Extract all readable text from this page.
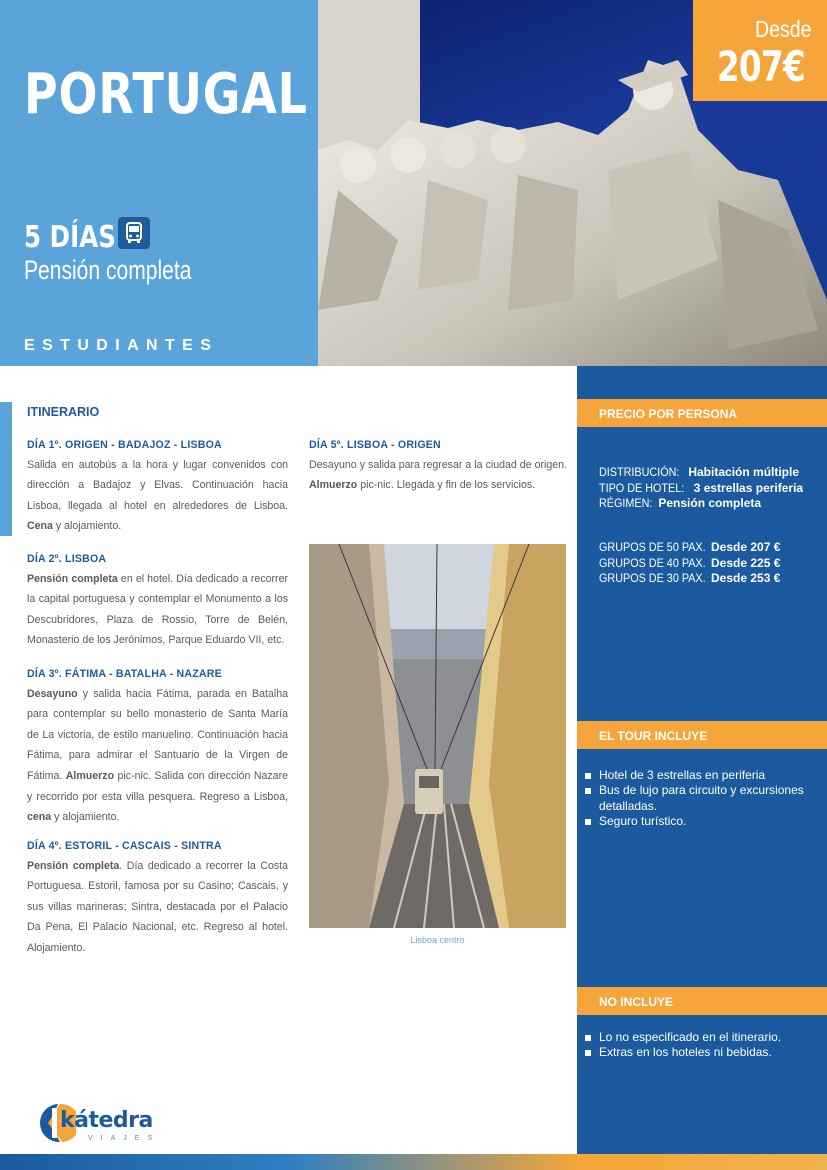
PORTUGAL
5 DÍAS
Pensión completa
ESTUDIANTES
Desde
207€
ITINERARIO
DÍA 1º. ORIGEN - BADAJOZ - LISBOA
Salida en autobús a la hora y lugar convenidos con dirección a Badajoz y Elvas. Continuación hacia Lisboa, llegada al hotel en alrededores de Lisboa. Cena y alojamiento.
DÍA 2º. LISBOA
Pensión completa en el hotel. Día dedicado a recorrer la capital portuguesa y contemplar el Monumento a los Descubridores, Plaza de Rossio, Torre de Belén, Monasterio de los Jerónimos, Parque Eduardo VII, etc.
DÍA 3º. FÁTIMA - BATALHA - NAZARE
Desayuno y salida hacia Fátima, parada en Batalha para contemplar su bello monasterio de Santa María de La victoria, de estilo manuelino. Continuación hacia Fátima, para admirar el Santuario de la Virgen de Fátima. Almuerzo pic-nic. Salida con dirección Nazare y recorrido por esta villa pesquera. Regreso a Lisboa, cena y alojamiento.
DÍA 4º. ESTORIL - CASCAIS - SINTRA
Pensión completa. Día dedicado a recorrer la Costa Portuguesa. Estoril, famosa por su Casino; Cascais, y sus villas marineras; Sintra, destacada por el Palacio Da Pena, El Palacio Nacional, etc. Regreso al hotel. Alojamiento.
DÍA 5º. LISBOA - ORIGEN
Desayuno y salida para regresar a la ciudad de origen. Almuerzo pic-nic. Llegada y fin de los servicios.
Lisboa centro
PRECIO POR PERSONA
DISTRIBUCIÓN:Habitación múltiple
TIPO DE HOTEL:3 estrellas periferia
RÉGIMEN:Pensión completa
GRUPOS DE 50 PAX. Desde 207 €
GRUPOS DE 40 PAX. Desde 225 €
GRUPOS DE 30 PAX. Desde 253 €
EL TOUR INCLUYE
Hotel de 3 estrellas en periferia
Bus de lujo para circuito y excursiones detalladas.
Seguro turístico.
NO INCLUYE
Lo no especificado en el itinerario.
Extras en los hoteles ni bebidas.
kátedra
VIAJES
